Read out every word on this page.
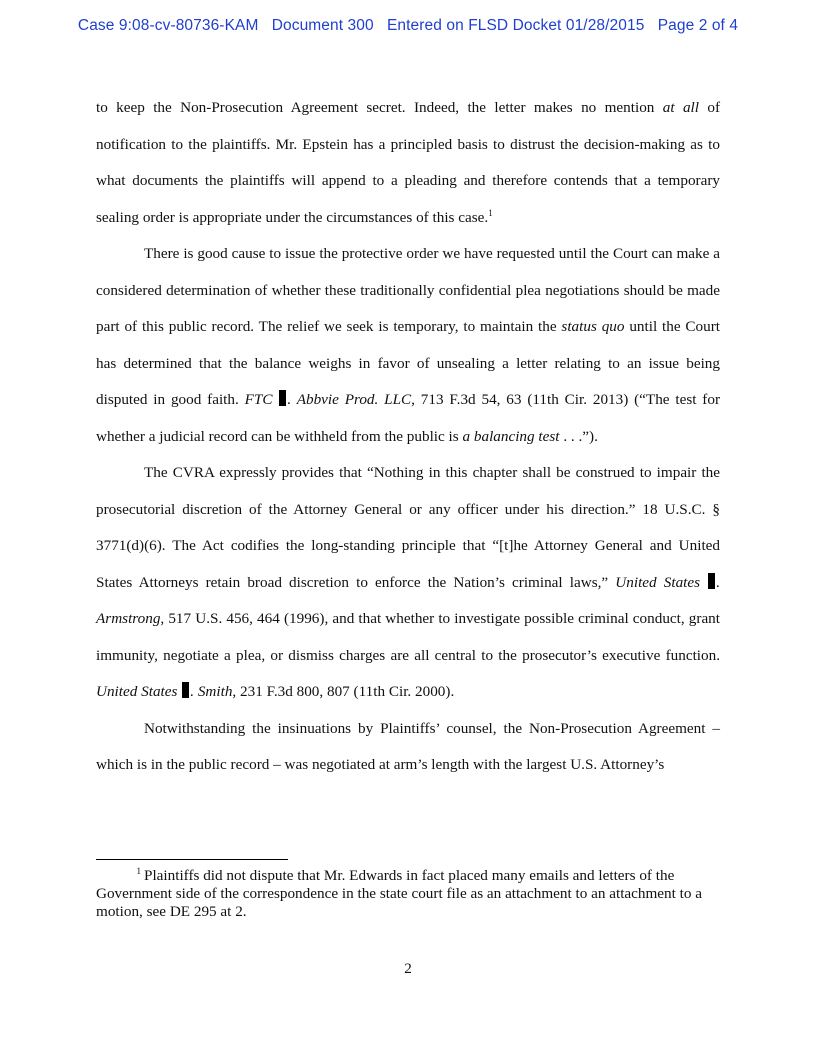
Case 9:08-cv-80736-KAM Document 300 Entered on FLSD Docket 01/28/2015 Page 2 of 4

to keep the Non-Prosecution Agreement secret. Indeed, the letter makes no mention at all of notification to the plaintiffs. Mr. Epstein has a principled basis to distrust the decision-making as to what documents the plaintiffs will append to a pleading and therefore contends that a temporary sealing order is appropriate under the circumstances of this case.$^1$

There is good cause to issue the protective order we have requested until the Court can make a considered determination of whether these traditionally confidential plea negotiations should be made part of this public record. The relief we seek is temporary, to maintain the status quo until the Court has determined that the balance weighs in favor of unsealing a letter relating to an issue being disputed in good faith. FTC . Abbvie Prod. LLC, 713 F.3d 54, 63 (11th Cir. 2013) (“The test for whether a judicial record can be withheld from the public is a balancing test . . .”).

The CVRA expressly provides that “Nothing in this chapter shall be construed to impair the prosecutorial discretion of the Attorney General or any officer under his direction.” 18 U.S.C. § 3771(d)(6). The Act codifies the long-standing principle that “[t]he Attorney General and United States Attorneys retain broad discretion to enforce the Nation’s criminal laws,” United States . Armstrong, 517 U.S. 456, 464 (1996), and that whether to investigate possible criminal conduct, grant immunity, negotiate a plea, or dismiss charges are all central to the prosecutor’s executive function. United States . Smith, 231 F.3d 800, 807 (11th Cir. 2000).

Notwithstanding the insinuations by Plaintiffs’ counsel, the Non-Prosecution Agreement – which is in the public record – was negotiated at arm’s length with the largest U.S. Attorney’s

$^1$ Plaintiffs did not dispute that Mr. Edwards in fact placed many emails and letters of the Government side of the correspondence in the state court file as an attachment to an attachment to a motion, see DE 295 at 2.
2
